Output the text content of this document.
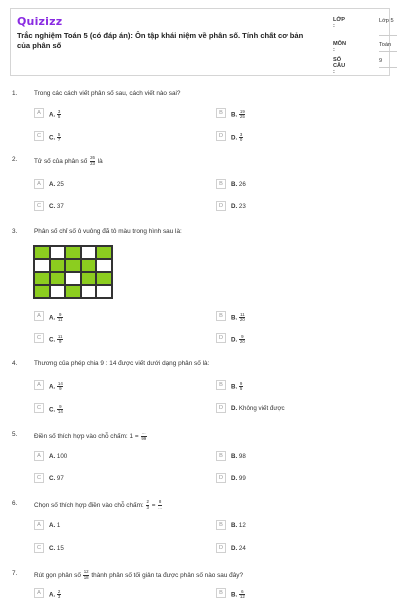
Quizizz
Trắc nghiệm Toán 5 (có đáp án): Ôn tập khái niệm về phân số. Tính chất cơ bản của phân số
LỚP :
Lớp 5
MÔN :
Toán
SỐ CÂU :
9
1.	Trong các cách viết phân số sau, cách viết nào sai?
A	A. $\frac{3}{5}$	B	B. $\frac{19}{25}$
C	C. $\frac{5}{7}$	D	D. $\frac{3}{0}$
2.	Tử số của phân số $\frac{26}{23}$ là
A	A. 25	B	B. 26
C	C. 37	D	D. 23
3.	Phân số chỉ số ô vuông đã tô màu trong hình sau là:
A	A. $\frac{9}{11}$	B	B. $\frac{11}{20}$
C	C. $\frac{11}{9}$	D	D. $\frac{9}{20}$
4.	Thương của phép chia 9 : 14 được viết dưới dạng phân số là:
A	A. $\frac{14}{9}$	B	B. $\frac{9}{5}$
C	C. $\frac{9}{14}$	D	D. Không viết được
5.	Điền số thích hợp vào chỗ chấm: $1 = \frac{...}{99}$
A	A. 100	B	B. 98
C	C. 97	D	D. 99
6.	Chọn số thích hợp điền vào chỗ chấm: $\frac{2}{3} = \frac{8}{...}$
A	A. 1	B	B. 12
C	C. 15	D	D. 24
7.	Rút gọn phân số $\frac{12}{18}$ thành phân số tối giản ta được phân số nào sau đây?
A	A. $\frac{2}{3}$	B	B. $\frac{6}{12}$
